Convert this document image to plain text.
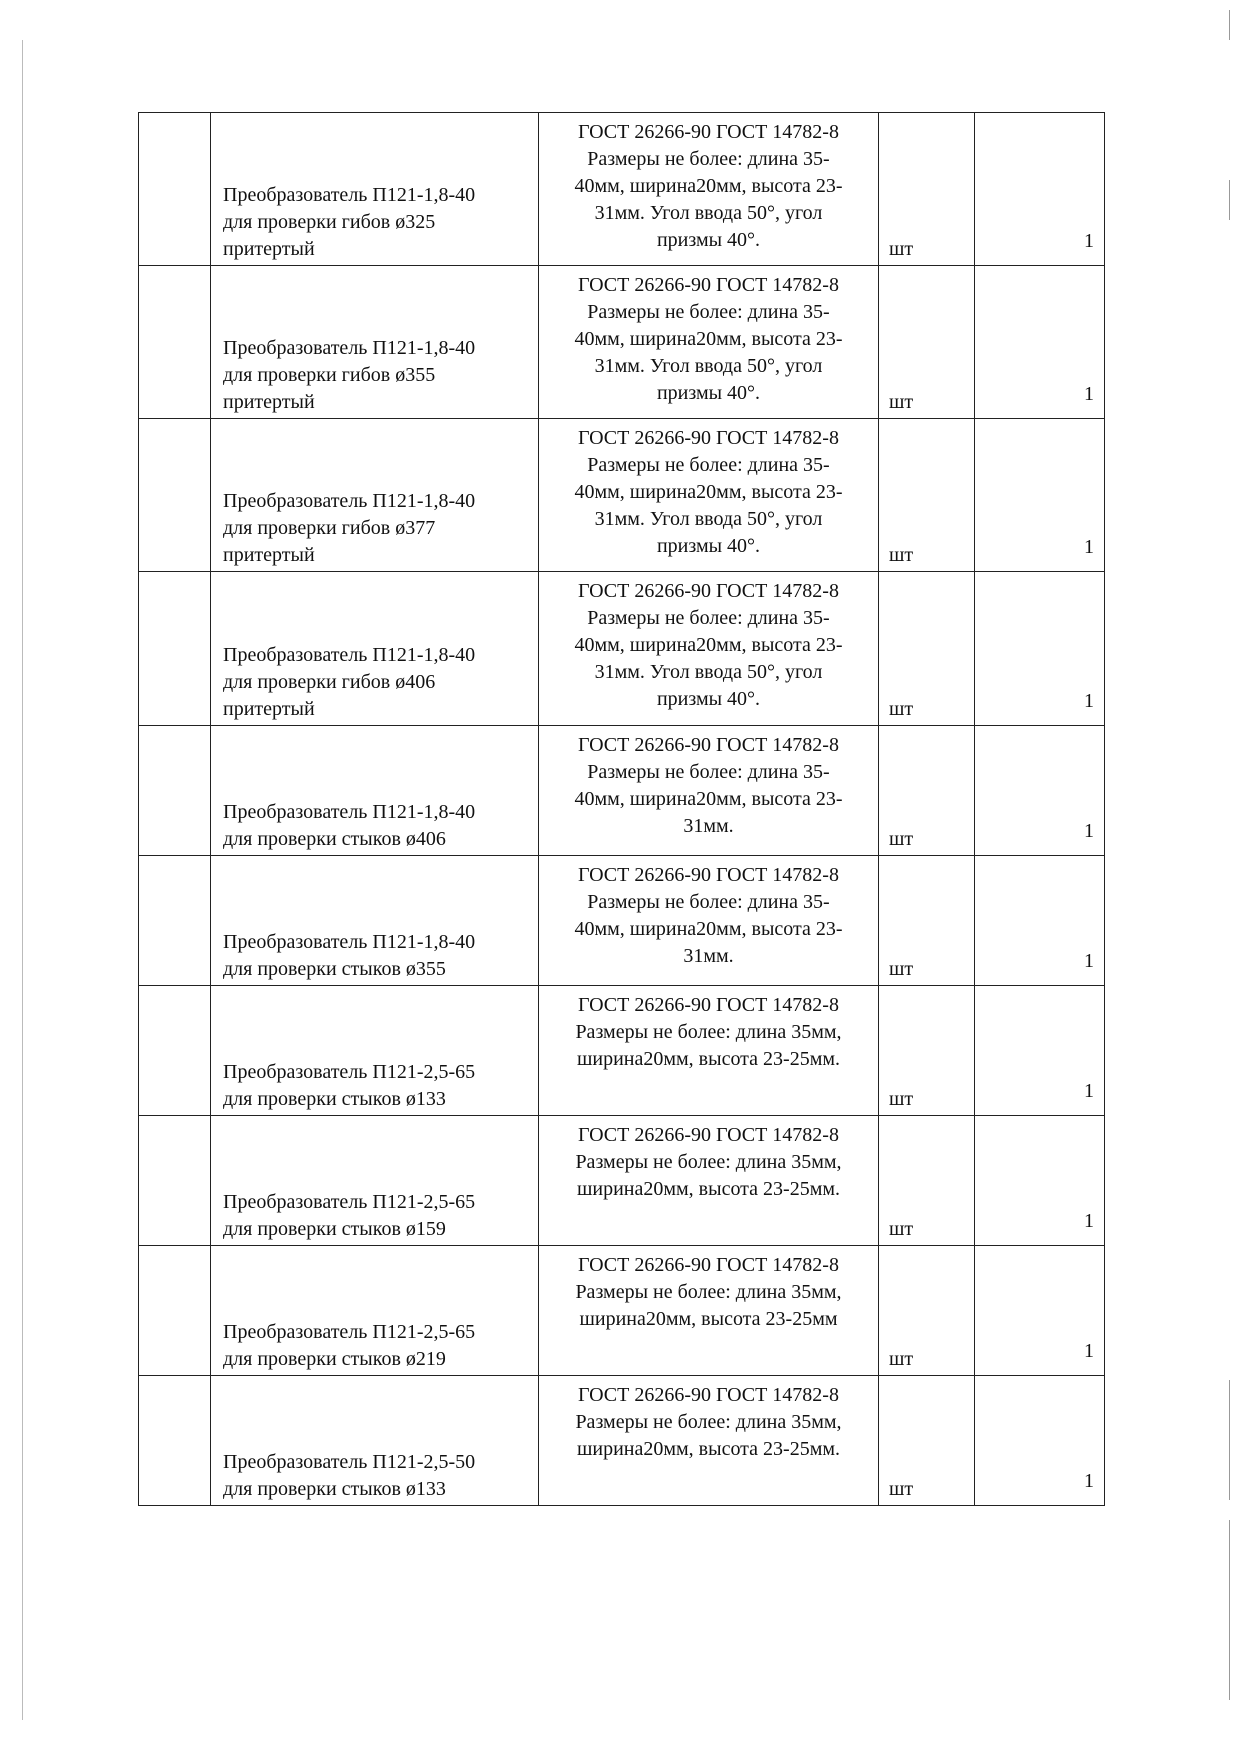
	Преобразователь П121-1,8-40
для проверки гибов ø325
притертый	ГОСТ 26266-90 ГОСТ 14782-8
Размеры не более: длина 35-
40мм, ширина20мм, высота 23-
31мм. Угол ввода 50°, угол
призмы 40°.	шт	1

	Преобразователь П121-1,8-40
для проверки гибов ø355
притертый	ГОСТ 26266-90 ГОСТ 14782-8
Размеры не более: длина 35-
40мм, ширина20мм, высота 23-
31мм. Угол ввода 50°, угол
призмы 40°.	шт	1

	Преобразователь П121-1,8-40
для проверки гибов ø377
притертый	ГОСТ 26266-90 ГОСТ 14782-8
Размеры не более: длина 35-
40мм, ширина20мм, высота 23-
31мм. Угол ввода 50°, угол
призмы 40°.	шт	1

	Преобразователь П121-1,8-40
для проверки гибов ø406
притертый	ГОСТ 26266-90 ГОСТ 14782-8
Размеры не более: длина 35-
40мм, ширина20мм, высота 23-
31мм. Угол ввода 50°, угол
призмы 40°.	шт	1

	Преобразователь П121-1,8-40
для проверки стыков ø406	ГОСТ 26266-90 ГОСТ 14782-8
Размеры не более: длина 35-
40мм, ширина20мм, высота 23-
31мм.	шт	1

	Преобразователь П121-1,8-40
для проверки стыков ø355	ГОСТ 26266-90 ГОСТ 14782-8
Размеры не более: длина 35-
40мм, ширина20мм, высота 23-
31мм.	шт	1

	Преобразователь П121-2,5-65
для проверки стыков ø133	ГОСТ 26266-90 ГОСТ 14782-8
Размеры не более: длина 35мм,
ширина20мм, высота 23-25мм.	шт	1

	Преобразователь П121-2,5-65
для проверки стыков ø159	ГОСТ 26266-90 ГОСТ 14782-8
Размеры не более: длина 35мм,
ширина20мм, высота 23-25мм.	шт	1

	Преобразователь П121-2,5-65
для проверки стыков ø219	ГОСТ 26266-90 ГОСТ 14782-8
Размеры не более: длина 35мм,
ширина20мм, высота 23-25мм	шт	1

	Преобразователь П121-2,5-50
для проверки стыков ø133	ГОСТ 26266-90 ГОСТ 14782-8
Размеры не более: длина 35мм,
ширина20мм, высота 23-25мм.	шт	1
